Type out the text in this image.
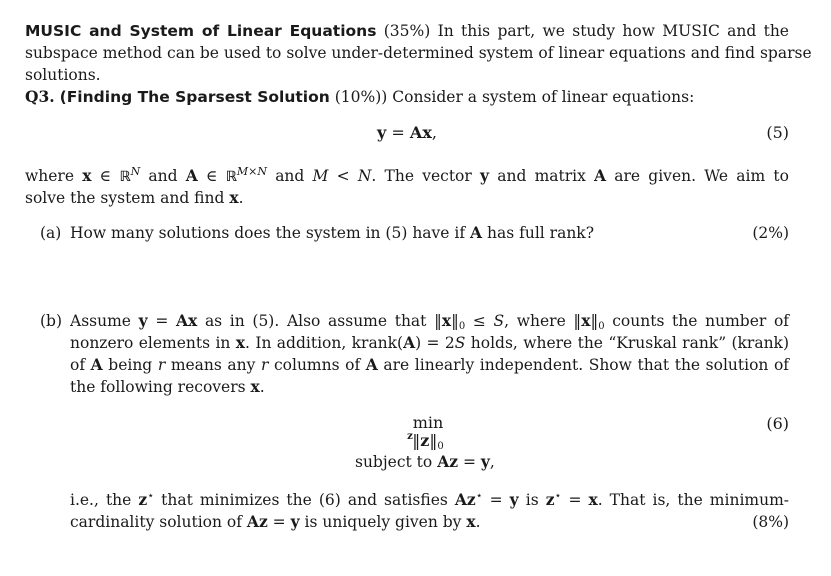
MUSIC and System of Linear Equations (35%) In this part, we study how MUSIC and the
subspace method can be used to solve under-determined system of linear equations and find sparse
solutions.
Q3. (Finding The Sparsest Solution (10%)) Consider a system of linear equations:
y = Ax,	(5)
where x ∈ ℝ$^N$ and A ∈ ℝ$^{M\times N}$ and M < N. The vector y and matrix A are given. We aim to
solve the system and find x.
(a) How many solutions does the system in (5) have if A has full rank?	(2%)
(b) Assume y = Ax as in (5). Also assume that $‖x‖_0 \le S$, where $‖x‖_0$ counts the number of
nonzero elements in x. In addition, krank(A) = 2S holds, where the “Kruskal rank” (krank)
of A being r means any r columns of A are linearly independent. Show that the solution of
the following recovers x.
$\min ‖z‖_0$
z
(6)
subject to Az = y,
i.e., the z⋆ that minimizes the (6) and satisfies Az⋆ = y is z⋆ = x. That is, the minimum-
cardinality solution of Az = y is uniquely given by x.	(8%)
